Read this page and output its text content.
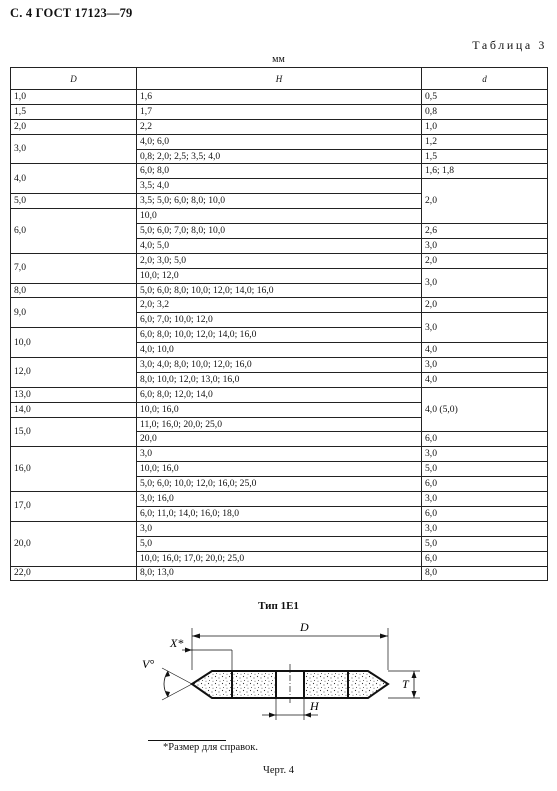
С. 4 ГОСТ 17123—79
Таблица 3
мм
D	H	d
1,0	1,6	0,5
1,5	1,7	0,8
2,0	2,2	1,0
3,0	4,0; 6,0	1,2
	0,8; 2,0; 2,5; 3,5; 4,0	1,5
4,0	6,0; 8,0	1,6; 1,8
	3,5; 4,0	2,0
5,0	3,5; 5,0; 6,0; 8,0; 10,0	
6,0	10,0	
	5,0; 6,0; 7,0; 8,0; 10,0	2,6
	4,0; 5,0	3,0
7,0	2,0; 3,0; 5,0	2,0
	10,0; 12,0	3,0
8,0	5,0; 6,0; 8,0; 10,0; 12,0; 14,0; 16,0	
9,0	2,0; 3,2	2,0
	6,0; 7,0; 10,0; 12,0	3,0
10,0	6,0; 8,0; 10,0; 12,0; 14,0; 16,0	
	4,0; 10,0	4,0
12,0	3,0; 4,0; 8,0; 10,0; 12,0; 16,0	3,0
	8,0; 10,0; 12,0; 13,0; 16,0	4,0
13,0	6,0; 8,0; 12,0; 14,0	4,0 (5,0)
14,0	10,0; 16,0	
15,0	11,0; 16,0; 20,0; 25,0	
	20,0	6,0
16,0	3,0	3,0
	10,0; 16,0	5,0
	5,0; 6,0; 10,0; 12,0; 16,0; 25,0	6,0
17,0	3,0; 16,0	3,0
	6,0; 11,0; 14,0; 16,0; 18,0	6,0
20,0	3,0	3,0
	5,0	5,0
	10,0; 16,0; 17,0; 20,0; 25,0	6,0
22,0	8,0; 13,0	8,0
Тип 1E1
D
X*
V°
T
H
*Размер для справок.
Черт. 4
